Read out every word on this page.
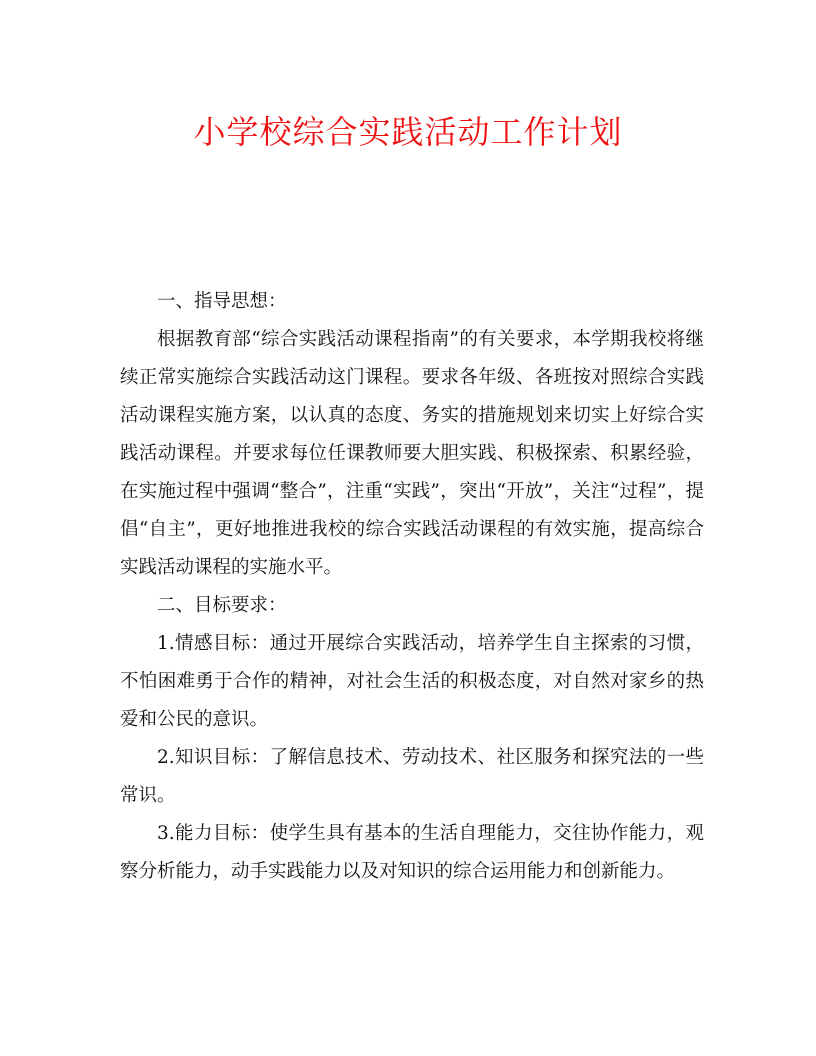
小学校综合实践活动工作计划

一、指导思想：

根据教育部“综合实践活动课程指南”的有关要求，本学期我校将继续正常实施综合实践活动这门课程。要求各年级、各班按对照综合实践活动课程实施方案，以认真的态度、务实的措施规划来切实上好综合实践活动课程。并要求每位任课教师要大胆实践、积极探索、积累经验，在实施过程中强调“整合”，注重“实践”，突出“开放”，关注“过程”，提倡“自主”，更好地推进我校的综合实践活动课程的有效实施，提高综合实践活动课程的实施水平。

二、目标要求：

1.情感目标：通过开展综合实践活动，培养学生自主探索的习惯，不怕困难勇于合作的精神，对社会生活的积极态度，对自然对家乡的热爱和公民的意识。

2.知识目标：了解信息技术、劳动技术、社区服务和探究法的一些常识。

3.能力目标：使学生具有基本的生活自理能力，交往协作能力，观察分析能力，动手实践能力以及对知识的综合运用能力和创新能力。
